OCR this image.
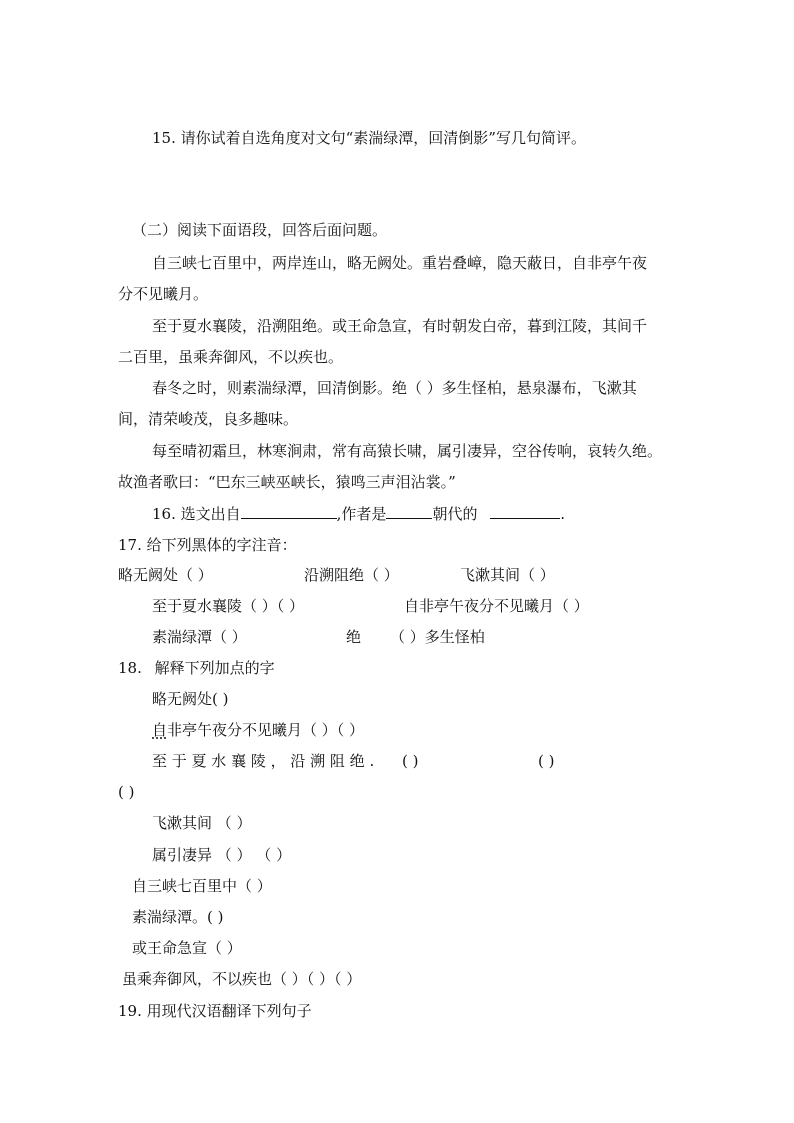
15. 请你试着自选角度对文句“素湍绿潭，回清倒影”写几句简评。
（二）阅读下面语段，回答后面问题。
自三峡七百里中，两岸连山，略无阙处。重岩叠嶂，隐天蔽日，自非亭午夜
分不见曦月。
至于夏水襄陵，沿溯阻绝。或王命急宣，有时朝发白帝，暮到江陵，其间千
二百里，虽乘奔御风，不以疾也。
春冬之时，则素湍绿潭，回清倒影。绝（ ）多生怪柏，悬泉瀑布，飞漱其
间，清荣峻茂，良多趣味。
每至晴初霜旦，林寒涧肃，常有高猿长啸，属引凄异，空谷传响，哀转久绝。
故渔者歌曰：“巴东三峡巫峡长，猿鸣三声泪沾裳。”
16. 选文出自	,作者是	朝代的	.
17. 给下列黑体的字注音：
略无阙处（ ）	沿溯阻绝（ ）	飞漱其间（ ）
至于夏水襄陵（ ）（ ）	自非亭午夜分不见曦月（ ）
素湍绿潭（ ）	绝 （ ）多生怪柏
18. 解释下列加点的字
略无阙处( )
自非亭午夜分不见曦月（ ）（ ）
至 于 夏 水 襄 陵 ， 沿 溯 阻 绝 . ( )	( )
( )
飞漱其间 （ ）
属引凄异 （ ） （ ）
自三峡七百里中（ ）
素湍绿潭。( )
或王命急宣（ ）
虽乘奔御风，不以疾也（ ）（ ）（ ）
19. 用现代汉语翻译下列句子
